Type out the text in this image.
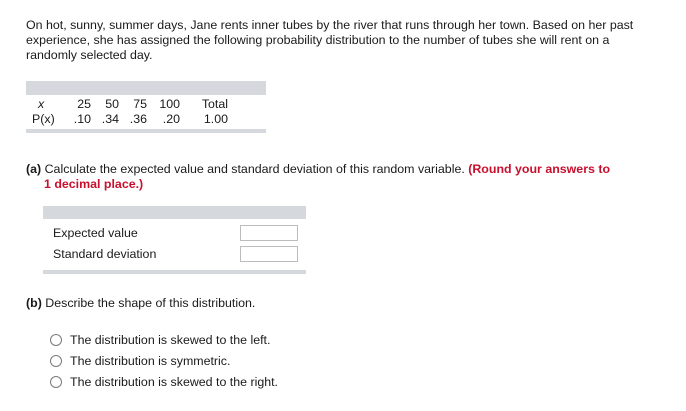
On hot, sunny, summer days, Jane rents inner tubes by the river that runs through her town. Based on her past experience, she has assigned the following probability distribution to the number of tubes she will rent on a randomly selected day.
x	25	50	75	100	Total
P(x)	.10	.34	.36	.20	1.00
(a) Calculate the expected value and standard deviation of this random variable. (Round your answers to
1 decimal place.)
Expected value
Standard deviation
(b) Describe the shape of this distribution.
The distribution is skewed to the left.
The distribution is symmetric.
The distribution is skewed to the right.
